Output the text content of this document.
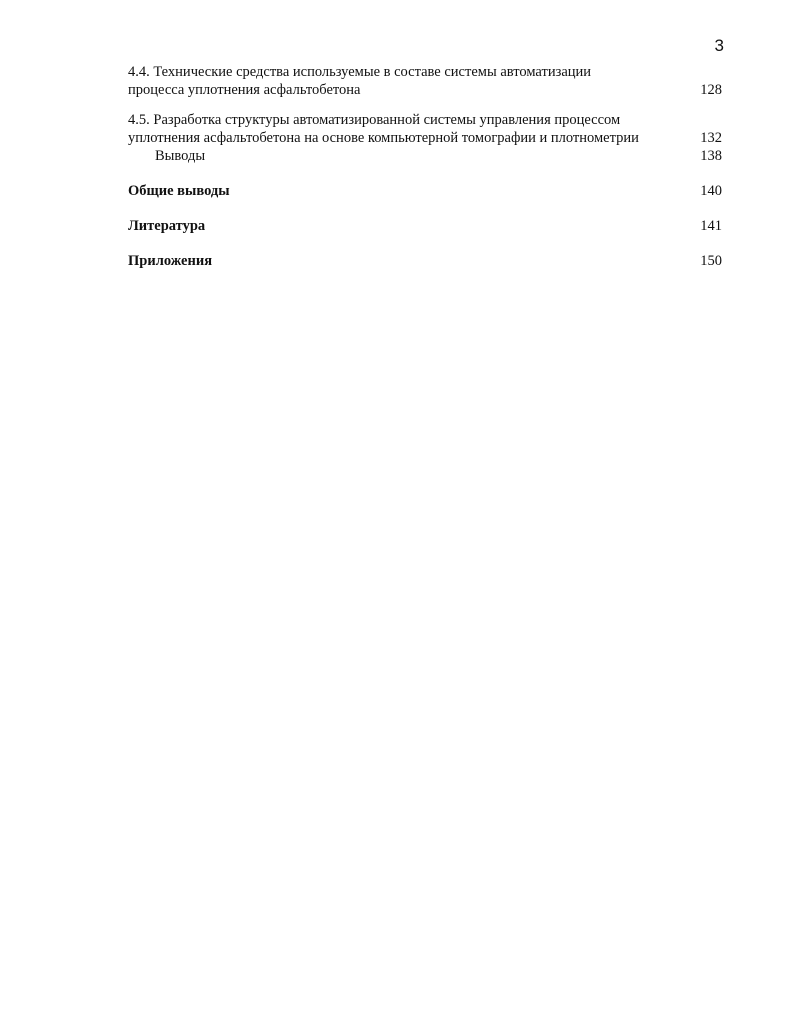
3
4.4. Технические средства используемые в составе системы автоматизации
процесса уплотнения асфальтобетона	128
4.5. Разработка структуры автоматизированной системы управления процессом
уплотнения асфальтобетона на основе компьютерной томографии и плотнометрии	132
Выводы	138
Общие выводы	140
Литература	141
Приложения	150
